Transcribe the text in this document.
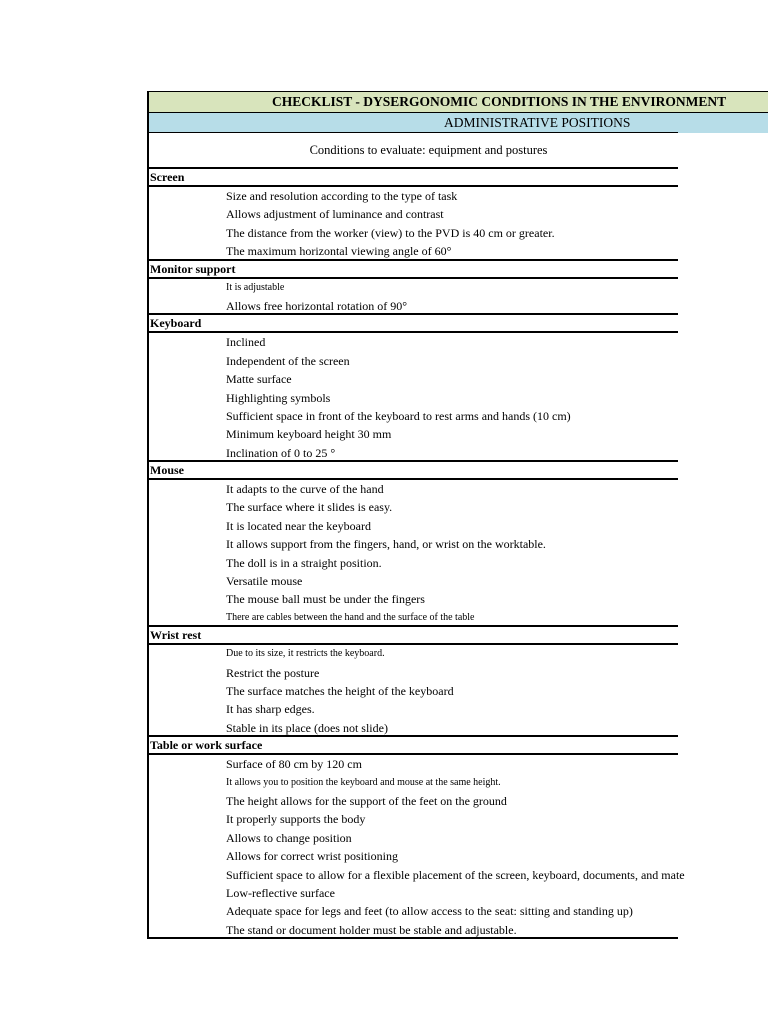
CHECKLIST - DYSERGONOMIC CONDITIONS IN THE ENVIRONMENT
ADMINISTRATIVE POSITIONS
Conditions to evaluate: equipment and postures
Screen
Size and resolution according to the type of task
Allows adjustment of luminance and contrast
The distance from the worker (view) to the PVD is 40 cm or greater.
The maximum horizontal viewing angle of 60°
Monitor support
It is adjustable
Allows free horizontal rotation of 90°
Keyboard
Inclined
Independent of the screen
Matte surface
Highlighting symbols
Sufficient space in front of the keyboard to rest arms and hands (10 cm)
Minimum keyboard height 30 mm
Inclination of 0 to 25 °
Mouse
It adapts to the curve of the hand
The surface where it slides is easy.
It is located near the keyboard
It allows support from the fingers, hand, or wrist on the worktable.
The doll is in a straight position.
Versatile mouse
The mouse ball must be under the fingers
There are cables between the hand and the surface of the table
Wrist rest
Due to its size, it restricts the keyboard.
Restrict the posture
The surface matches the height of the keyboard
It has sharp edges.
Stable in its place (does not slide)
Table or work surface
Surface of 80 cm by 120 cm
It allows you to position the keyboard and mouse at the same height.
The height allows for the support of the feet on the ground
It properly supports the body
Allows to change position
Allows for correct wrist positioning
Sufficient space to allow for a flexible placement of the screen, keyboard, documents, and mate
Low-reflective surface
Adequate space for legs and feet (to allow access to the seat: sitting and standing up)
The stand or document holder must be stable and adjustable.
